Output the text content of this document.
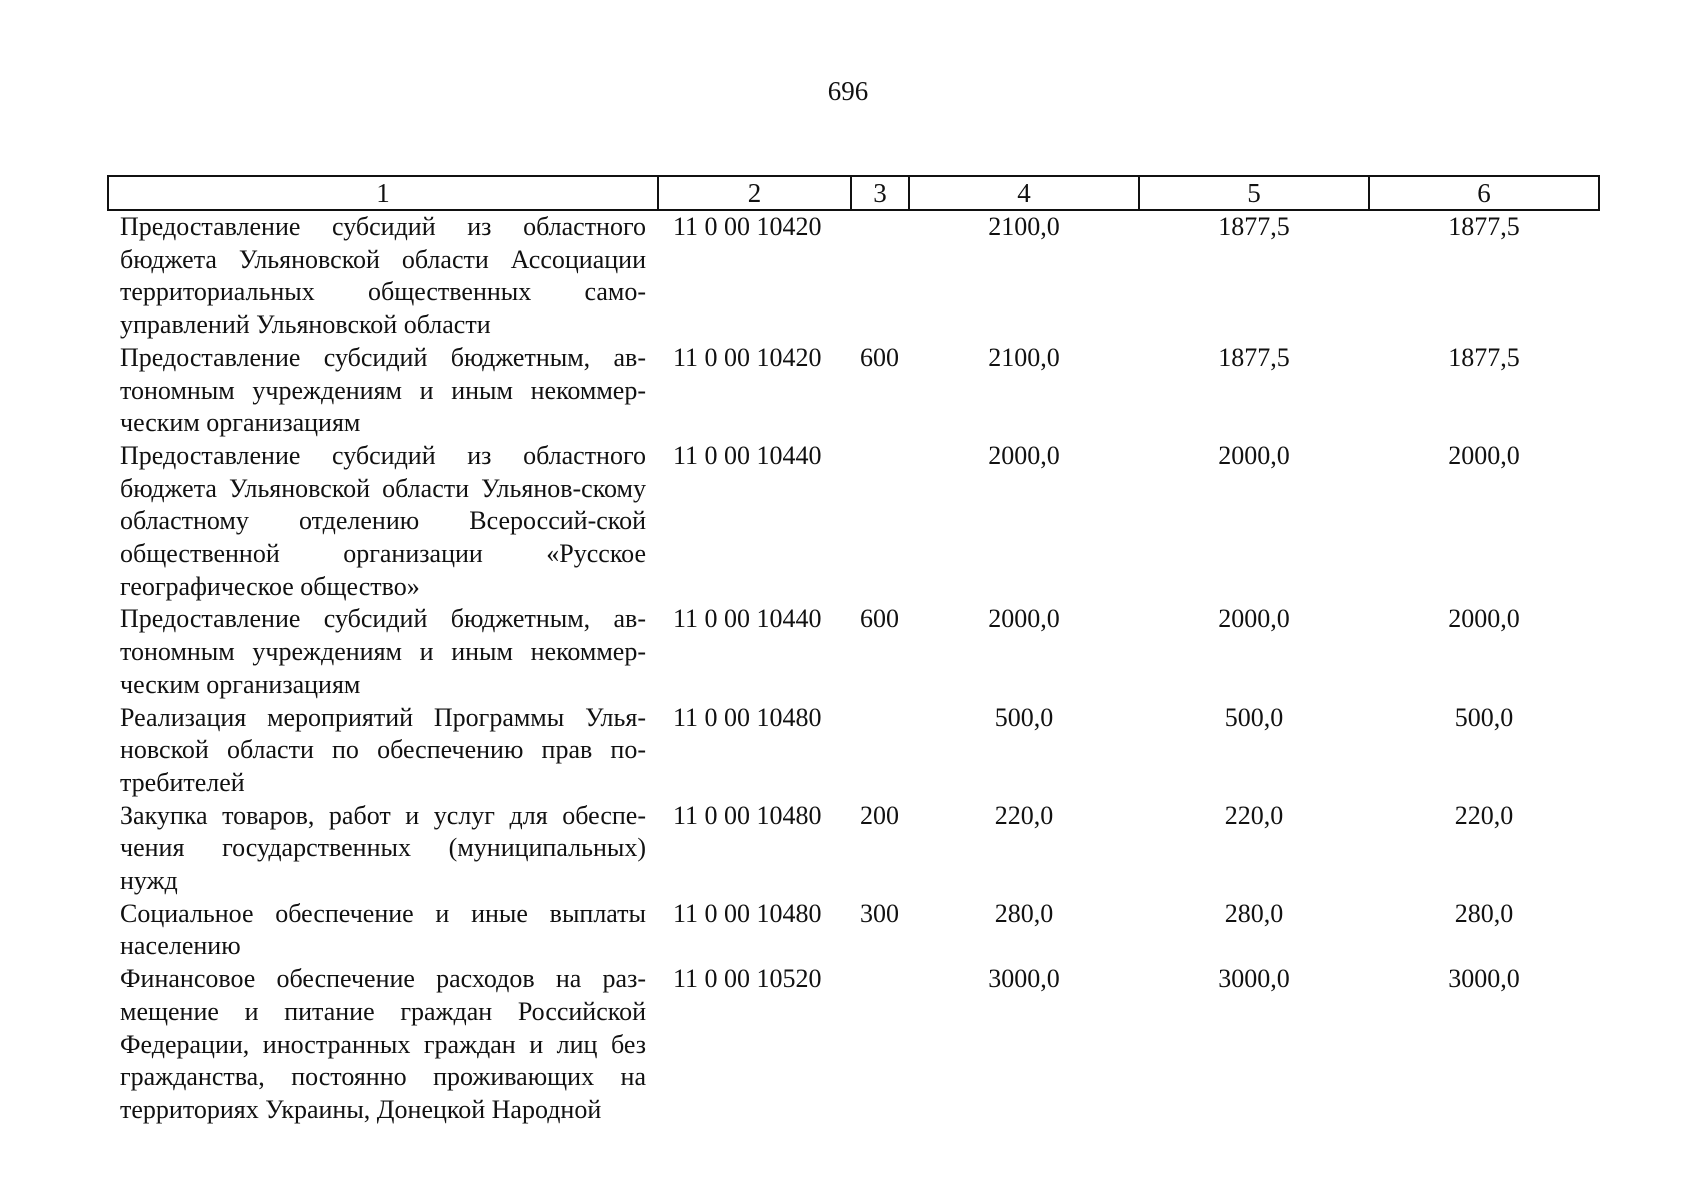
696
1	2	3	4	5	6
Предоставление субсидий из областного бюджета Ульяновской области Ассоциации территориальных общественных само-управлений Ульяновской области	11 0 00 10420		2100,0	1877,5	1877,5
Предоставление субсидий бюджетным, ав-тономным учреждениям и иным некоммер-ческим организациям	11 0 00 10420	600	2100,0	1877,5	1877,5
Предоставление субсидий из областного бюджета Ульяновской области Ульянов-скому областному отделению Всероссий-ской общественной организации «Русское географическое общество»	11 0 00 10440		2000,0	2000,0	2000,0
Предоставление субсидий бюджетным, ав-тономным учреждениям и иным некоммер-ческим организациям	11 0 00 10440	600	2000,0	2000,0	2000,0
Реализация мероприятий Программы Улья-новской области по обеспечению прав по-требителей	11 0 00 10480		500,0	500,0	500,0
Закупка товаров, работ и услуг для обеспе-чения государственных (муниципальных) нужд	11 0 00 10480	200	220,0	220,0	220,0
Социальное обеспечение и иные выплаты населению	11 0 00 10480	300	280,0	280,0	280,0
Финансовое обеспечение расходов на раз-мещение и питание граждан Российской Федерации, иностранных граждан и лиц без гражданства, постоянно проживающих на территориях Украины, Донецкой Народной	11 0 00 10520		3000,0	3000,0	3000,0
